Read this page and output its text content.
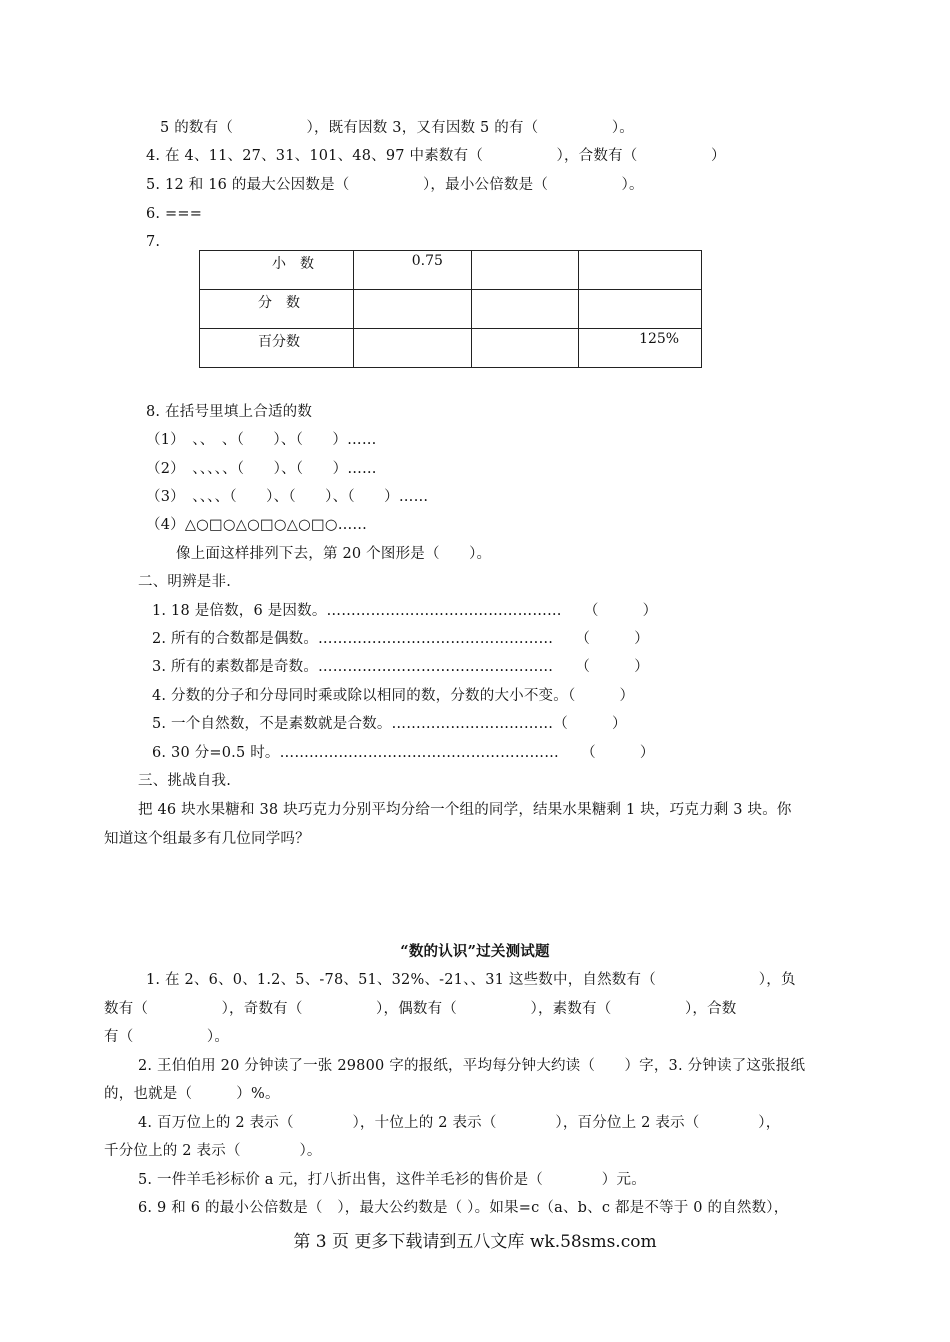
5 的数有（　　　　　），既有因数 3，又有因数 5 的有（　　　　　）。
4. 在 4、11、27、31、101、48、97 中素数有（　　　　　），合数有（　　　　　）
5. 12 和 16 的最大公因数是（　　　　　），最小公倍数是（　　　　　）。
6. ===
7.
小　数	0.75		
分　数			
百分数			125%
8. 在括号里填上合适的数
（1）　、、　、（　　）、（　　）……
（2）　、、、、、（　　）、（　　）……
（3）　、、、、（　　）、（　　）、（　　）……
（4）△○□○△○□○△○□○……
像上面这样排列下去，第 20 个图形是（　　）。
二、明辨是非.
1. 18 是倍数，6 是因数。…………………………………………　　（　　　）
2. 所有的合数都是偶数。…………………………………………　　（　　　）
3. 所有的素数都是奇数。…………………………………………　　（　　　）
4. 分数的分子和分母同时乘或除以相同的数，分数的大小不变。（　　　）
5. 一个自然数，不是素数就是合数。……………………………（　　　）
6. 30 分=0.5 时。…………………………………………………　　（　　　）
三、挑战自我.
把 46 块水果糖和 38 块巧克力分别平均分给一个组的同学，结果水果糖剩 1 块，巧克力剩 3 块。你
知道这个组最多有几位同学吗？
“数的认识”过关测试题
1. 在 2、6、0、1.2、5、-78、51、32%、-21、、31 这些数中，自然数有（　　　　　　　），负
数有（　　　　　），奇数有（　　　　　），偶数有（　　　　　），素数有（　　　　　），合数
有（　　　　　）。
2. 王伯伯用 20 分钟读了一张 29800 字的报纸，平均每分钟大约读（　　）字，3. 分钟读了这张报纸
的，也就是（　　　）%。
4. 百万位上的 2 表示（　　　　），十位上的 2 表示（　　　　），百分位上 2 表示（　　　　），
千分位上的 2 表示（　　　　）。
5. 一件羊毛衫标价 a 元，打八折出售，这件羊毛衫的售价是（　　　　）元。
6. 9 和 6 的最小公倍数是（　），最大公约数是（ ）。如果=c（a、b、c 都是不等于 0 的自然数），
第 3 页 更多下载请到五八文库 wk.58sms.com
